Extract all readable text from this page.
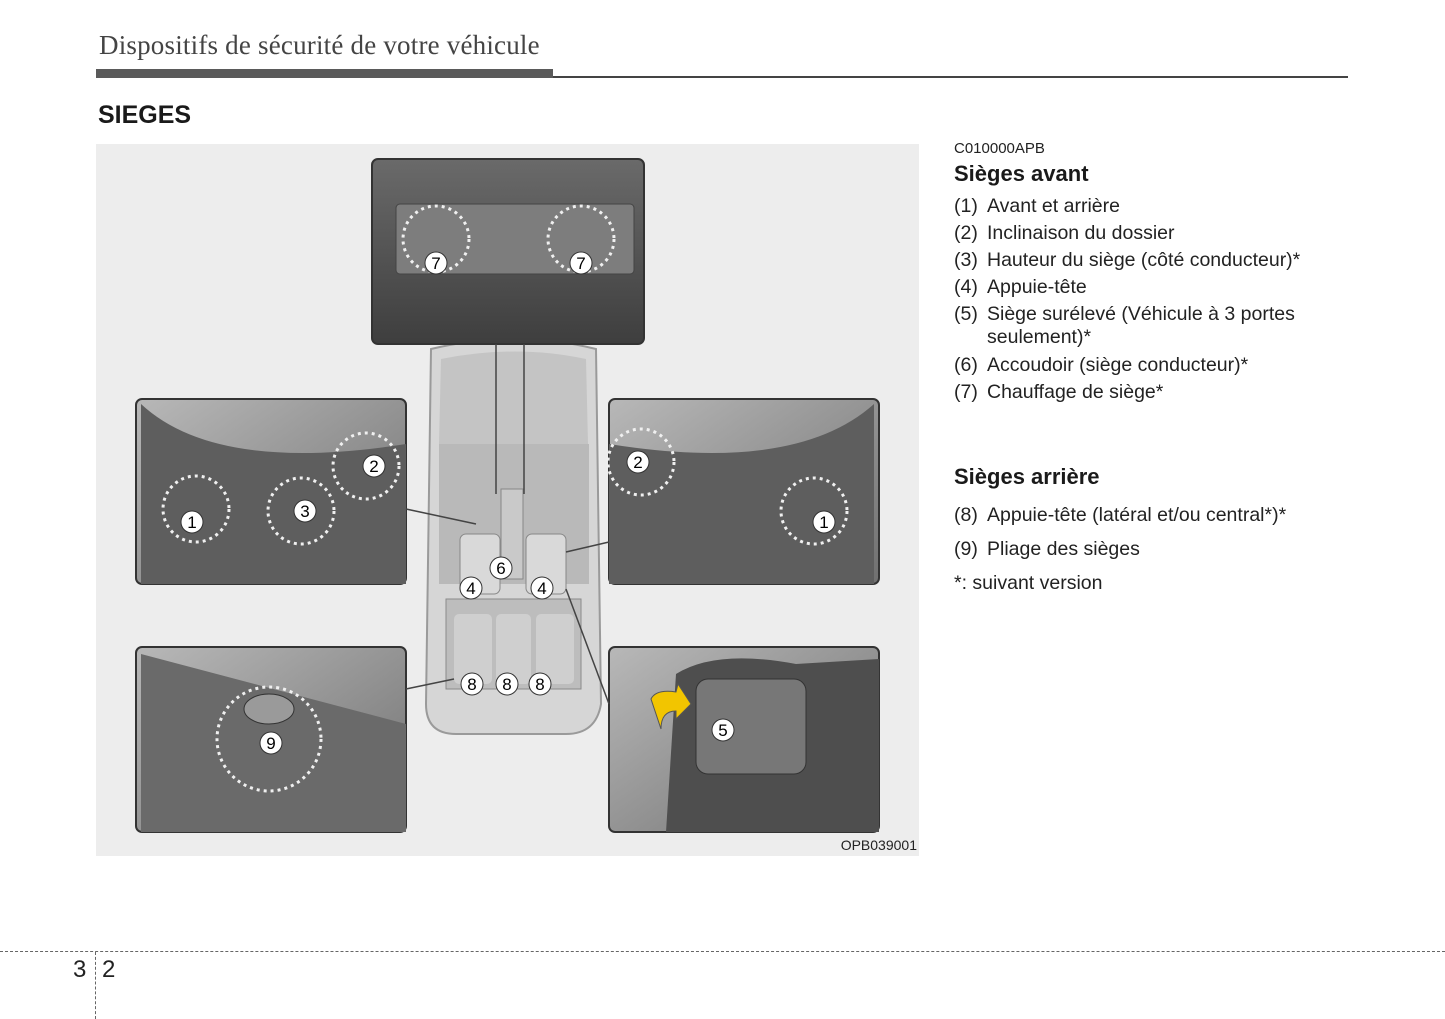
Dispositifs de sécurité de votre véhicule
SIEGES
7	7
1
3
2	2
1
6
4	4
8 8 8
9
5
OPB039001
C010000APB
Sièges avant
(1) Avant et arrière
(2) Inclinaison du dossier
(3) Hauteur du siège (côté conducteur)*
(4) Appuie-tête
(5) Siège surélevé (Véhicule à 3 portes seulement)*
(6) Accoudoir (siège conducteur)*
(7) Chauffage de siège*
Sièges arrière
(8) Appuie-tête (latéral et/ou central*)*
(9) Pliage des sièges
*: suivant version
3 2
